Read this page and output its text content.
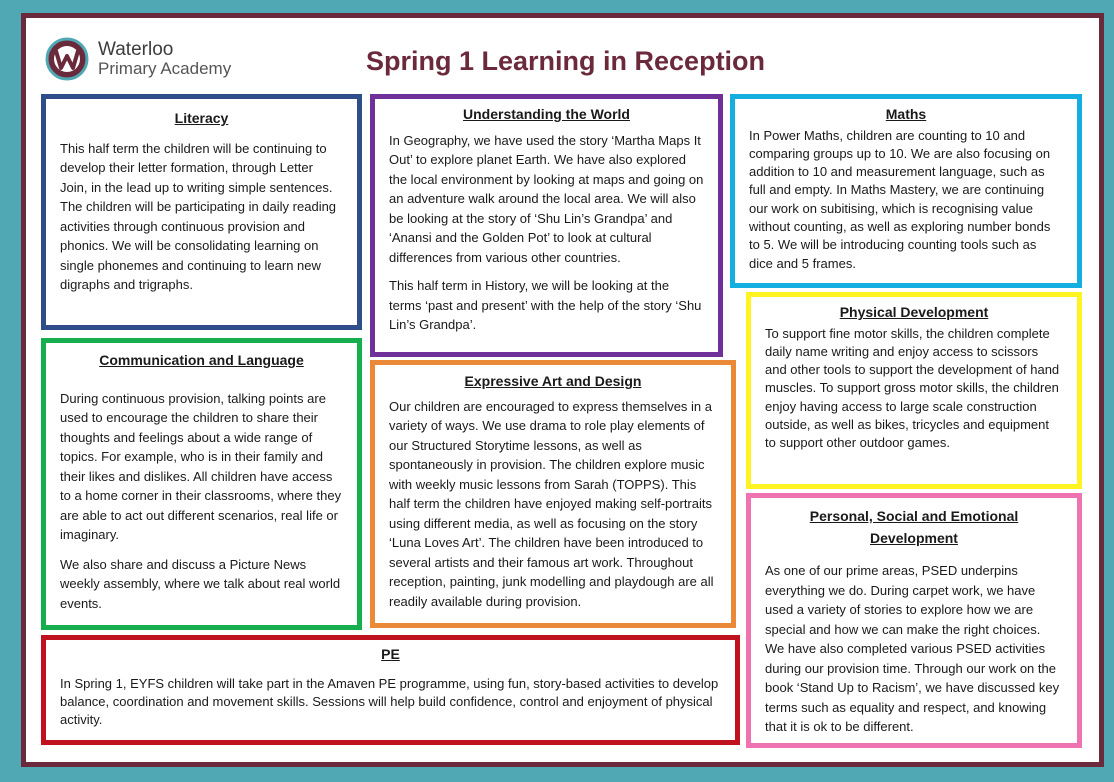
Waterloo
Primary Academy	Spring 1 Learning in Reception
Literacy

This half term the children will be continuing to develop their letter formation, through Letter Join, in the lead up to writing simple sentences. The children will be participating in daily reading activities through continuous provision and phonics. We will be consolidating learning on single phonemes and continuing to learn new digraphs and trigraphs.

Understanding the World

In Geography, we have used the story ‘Martha Maps It Out’ to explore planet Earth. We have also explored the local environment by looking at maps and going on an adventure walk around the local area. We will also be looking at the story of ‘Shu Lin’s Grandpa’ and ‘Anansi and the Golden Pot’ to look at cultural differences from various other countries.

This half term in History, we will be looking at the terms ‘past and present’ with the help of the story ‘Shu Lin’s Grandpa’.

Maths

In Power Maths, children are counting to 10 and comparing groups up to 10. We are also focusing on addition to 10 and measurement language, such as full and empty. In Maths Mastery, we are continuing our work on subitising, which is recognising value without counting, as well as exploring number bonds to 5. We will be introducing counting tools such as dice and 5 frames.

Communication and Language

During continuous provision, talking points are used to encourage the children to share their thoughts and feelings about a wide range of topics. For example, who is in their family and their likes and dislikes. All children have access to a home corner in their classrooms, where they are able to act out different scenarios, real life or imaginary.

We also share and discuss a Picture News weekly assembly, where we talk about real world events.

Expressive Art and Design

Our children are encouraged to express themselves in a variety of ways. We use drama to role play elements of our Structured Storytime lessons, as well as spontaneously in provision. The children explore music with weekly music lessons from Sarah (TOPPS). This half term the children have enjoyed making self-portraits using different media, as well as focusing on the story ‘Luna Loves Art’. The children have been introduced to several artists and their famous art work. Throughout reception, painting, junk modelling and playdough are all readily available during provision.

Physical Development

To support fine motor skills, the children complete daily name writing and enjoy access to scissors and other tools to support the development of hand muscles. To support gross motor skills, the children enjoy having access to large scale construction outside, as well as bikes, tricycles and equipment to support other outdoor games.

Personal, Social and Emotional Development

As one of our prime areas, PSED underpins everything we do. During carpet work, we have used a variety of stories to explore how we are special and how we can make the right choices. We have also completed various PSED activities during our provision time. Through our work on the book ‘Stand Up to Racism’, we have discussed key terms such as equality and respect, and knowing that it is ok to be different.

PE

In Spring 1, EYFS children will take part in the Amaven PE programme, using fun, story-based activities to develop balance, coordination and movement skills. Sessions will help build confidence, control and enjoyment of physical activity.
